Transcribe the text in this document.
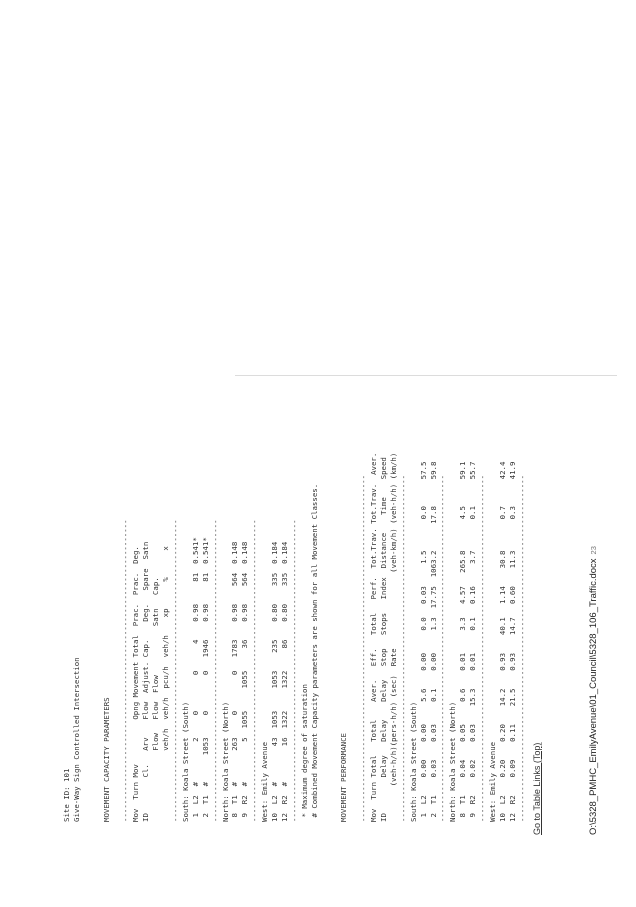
Site ID: 101
Give-Way Sign Controlled Intersection	MOVEMENT CAPACITY PARAMETERS --------------------------------------------------------------------
Mov  Turn Mov          Opng Movement Total  Prac.  Prac.  Deg.
ID        Cl.   Arv    Flow  Adjust. Cap.    Deg.   Spare  Satn
Flow   Flow  Flow           Satn   Cap.
veh/h  veh/h  pcu/h  veh/h    xp      %      x
--------------------------------------------------------------------
South: Koala Street (South)
1  L2  #         2     0        0      4    0.98     81  0.541*
2  T1  #      1053     0        0   1946    0.98     81  0.541*
--------------------------------------------------------------------
North: Koala Street (North)
8  T1  #       263     0        0   1783    0.98    564  0.148
9  R2  #         5  1055     1055     36    0.98    564  0.148
--------------------------------------------------------------------
West: Emily Avenue
10  L2  #        43  1053     1053    235    0.80    335  0.184
12  R2  #        16  1322     1322     86    0.80    335  0.184
--------------------------------------------------------------------
* Maximum degree of saturation
# Combined Movement Capacity parameters are shown for all Movement Classes.	MOVEMENT PERFORMANCE ------------------------------------------------------------------------------
Mov  Turn Total   Total    Aver.   Eff.   Total   Perf.  Tot.Trav. Tot.Trav.  Aver.
ID        Delay   Delay    Delay   Stop   Stops   Index  Distance    Time    Speed
(veh-h/h)(pers-h/h) (sec)  Rate                 (veh-km/h) (veh-h/h) (km/h)
------------------------------------------------------------------------------
South: Koala Street (South)
1  L2    0.00    0.00     5.6    0.00     0.0   0.03     1.5       0.0      57.5
2  T1    0.03    0.03     0.1    0.00     1.3  17.75  1063.2      17.8      59.8
------------------------------------------------------------------------------
North: Koala Street (North)
8  T1    0.04    0.05     0.6    0.01     3.3   4.57   265.8       4.5      59.1
9  R2    0.02    0.03    15.3    0.01     0.1   0.16     3.7       0.1      55.7
------------------------------------------------------------------------------
West: Emily Avenue
10  L2    0.20    0.20    14.2    0.93    40.1   1.14    30.8       0.7      42.4
12  R2    0.09    0.11    21.5    0.93    14.7   0.60    11.3       0.3      41.9
------------------------------------------------------------------------------ Go to Table Links (Top)	O:\5328_PMHC_EmilyAvenue\01_Council\5328_106_Traffic.docx23
